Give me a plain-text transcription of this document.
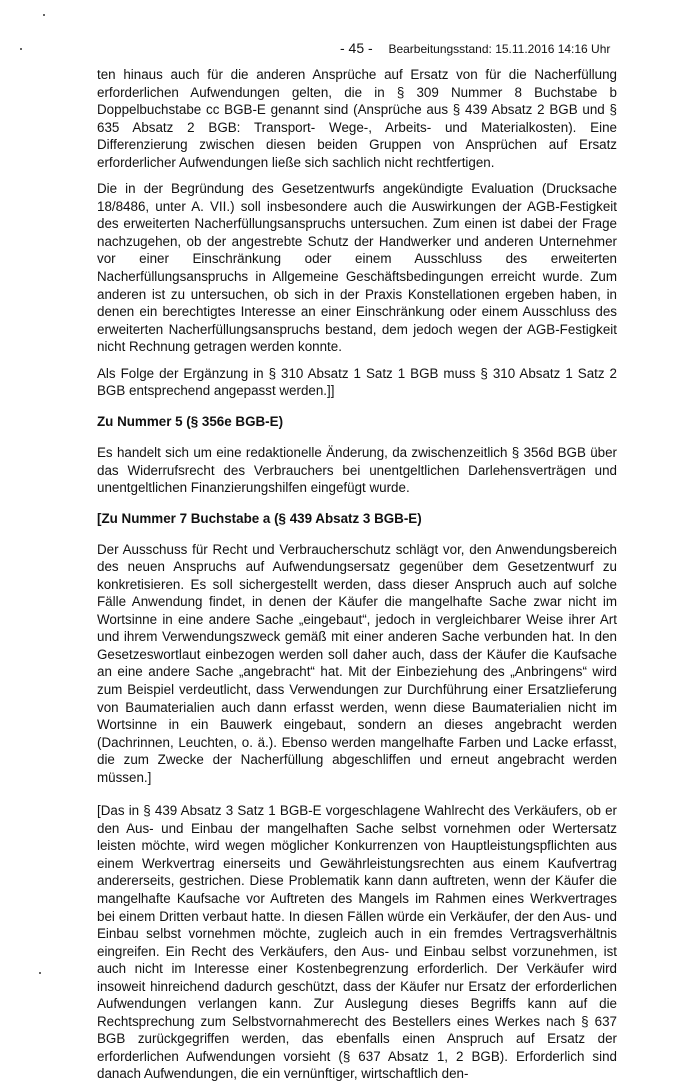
- 45 - Bearbeitungsstand: 15.11.2016 14:16 Uhr

ten hinaus auch für die anderen Ansprüche auf Ersatz von für die Nacherfüllung erforderlichen Aufwendungen gelten, die in § 309 Nummer 8 Buchstabe b Doppelbuchstabe cc BGB-E genannt sind (Ansprüche aus § 439 Absatz 2 BGB und § 635 Absatz 2 BGB: Transport- Wege-, Arbeits- und Materialkosten). Eine Differenzierung zwischen diesen beiden Gruppen von Ansprüchen auf Ersatz erforderlicher Aufwendungen ließe sich sachlich nicht rechtfertigen.

Die in der Begründung des Gesetzentwurfs angekündigte Evaluation (Drucksache 18/8486, unter A. VII.) soll insbesondere auch die Auswirkungen der AGB-Festigkeit des erweiterten Nacherfüllungsanspruchs untersuchen. Zum einen ist dabei der Frage nachzugehen, ob der angestrebte Schutz der Handwerker und anderen Unternehmer vor einer Einschränkung oder einem Ausschluss des erweiterten Nacherfüllungsanspruchs in Allgemeine Geschäftsbedingungen erreicht wurde. Zum anderen ist zu untersuchen, ob sich in der Praxis Konstellationen ergeben haben, in denen ein berechtigtes Interesse an einer Einschränkung oder einem Ausschluss des erweiterten Nacherfüllungsanspruchs bestand, dem jedoch wegen der AGB-Festigkeit nicht Rechnung getragen werden konnte.

Als Folge der Ergänzung in § 310 Absatz 1 Satz 1 BGB muss § 310 Absatz 1 Satz 2 BGB entsprechend angepasst werden.]]

Zu Nummer 5 (§ 356e BGB-E)

Es handelt sich um eine redaktionelle Änderung, da zwischenzeitlich § 356d BGB über das Widerrufsrecht des Verbrauchers bei unentgeltlichen Darlehensverträgen und unentgeltlichen Finanzierungshilfen eingefügt wurde.

[Zu Nummer 7 Buchstabe a (§ 439 Absatz 3 BGB-E)

Der Ausschuss für Recht und Verbraucherschutz schlägt vor, den Anwendungsbereich des neuen Anspruchs auf Aufwendungsersatz gegenüber dem Gesetzentwurf zu konkretisieren. Es soll sichergestellt werden, dass dieser Anspruch auch auf solche Fälle Anwendung findet, in denen der Käufer die mangelhafte Sache zwar nicht im Wortsinne in eine andere Sache „eingebaut“, jedoch in vergleichbarer Weise ihrer Art und ihrem Verwendungszweck gemäß mit einer anderen Sache verbunden hat. In den Gesetzeswortlaut einbezogen werden soll daher auch, dass der Käufer die Kaufsache an eine andere Sache „angebracht“ hat. Mit der Einbeziehung des „Anbringens“ wird zum Beispiel verdeutlicht, dass Verwendungen zur Durchführung einer Ersatzlieferung von Baumaterialien auch dann erfasst werden, wenn diese Baumaterialien nicht im Wortsinne in ein Bauwerk eingebaut, sondern an dieses angebracht werden (Dachrinnen, Leuchten, o. ä.). Ebenso werden mangelhafte Farben und Lacke erfasst, die zum Zwecke der Nacherfüllung abgeschliffen und erneut angebracht werden müssen.]

[Das in § 439 Absatz 3 Satz 1 BGB-E vorgeschlagene Wahlrecht des Verkäufers, ob er den Aus- und Einbau der mangelhaften Sache selbst vornehmen oder Wertersatz leisten möchte, wird wegen möglicher Konkurrenzen von Hauptleistungspflichten aus einem Werkvertrag einerseits und Gewährleistungsrechten aus einem Kaufvertrag andererseits, gestrichen. Diese Problematik kann dann auftreten, wenn der Käufer die mangelhafte Kaufsache vor Auftreten des Mangels im Rahmen eines Werkvertrages bei einem Dritten verbaut hatte. In diesen Fällen würde ein Verkäufer, der den Aus- und Einbau selbst vornehmen möchte, zugleich auch in ein fremdes Vertragsverhältnis eingreifen. Ein Recht des Verkäufers, den Aus- und Einbau selbst vorzunehmen, ist auch nicht im Interesse einer Kostenbegrenzung erforderlich. Der Verkäufer wird insoweit hinreichend dadurch geschützt, dass der Käufer nur Ersatz der erforderlichen Aufwendungen verlangen kann. Zur Auslegung dieses Begriffs kann auf die Rechtsprechung zum Selbstvornahmerecht des Bestellers eines Werkes nach § 637 BGB zurückgegriffen werden, das ebenfalls einen Anspruch auf Ersatz der erforderlichen Aufwendungen vorsieht (§ 637 Absatz 1, 2 BGB). Erforderlich sind danach Aufwendungen, die ein vernünftiger, wirtschaftlich den-
